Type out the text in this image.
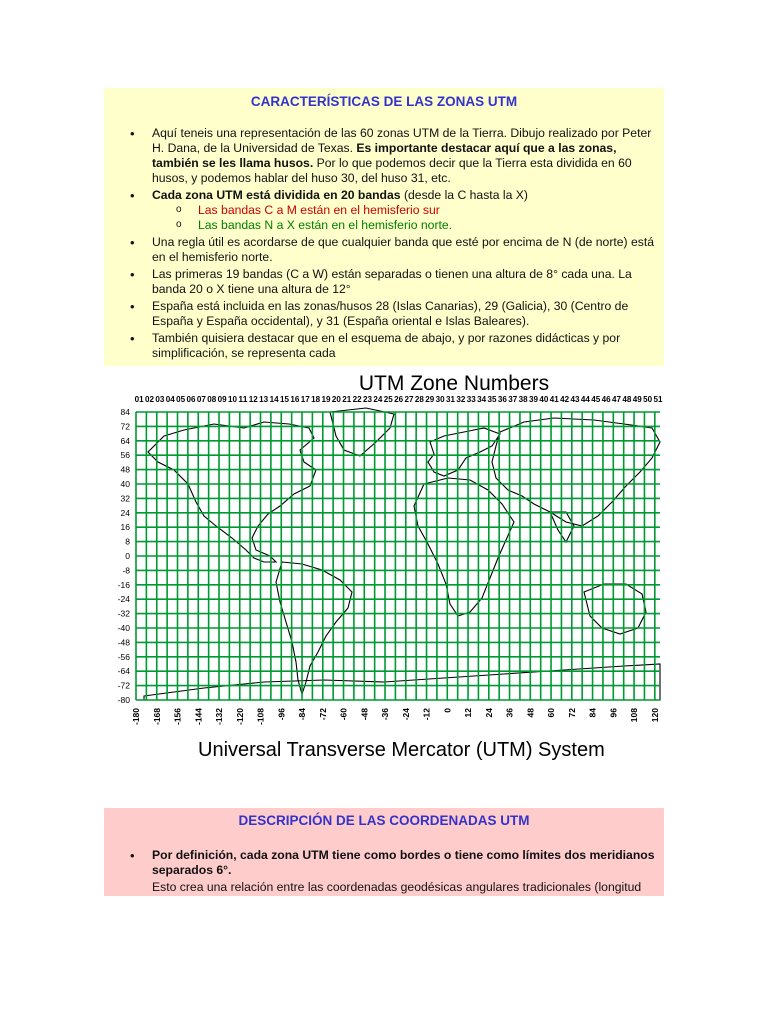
CARACTERÍSTICAS DE LAS ZONAS UTM
• Aquí teneis una representación de las 60 zonas UTM de la Tierra. Dibujo realizado por Peter H. Dana, de la Universidad de Texas. Es importante destacar aquí que a las zonas, también se les llama husos. Por lo que podemos decir que la Tierra esta dividida en 60 husos, y podemos hablar del huso 30, del huso 31, etc.
• Cada zona UTM está dividida en 20 bandas (desde la C hasta la X)
o Las bandas C a M están en el hemisferio sur
o Las bandas N a X están en el hemisferio norte.
• Una regla útil es acordarse de que cualquier banda que esté por encima de N (de norte) está en el hemisferio norte.
• Las primeras 19 bandas (C a W) están separadas o tienen una altura de 8° cada una. La banda 20 o X tiene una altura de 12°
• España está incluida en las zonas/husos 28 (Islas Canarias), 29 (Galicia), 30 (Centro de España y España occidental), y 31 (España oriental e Islas Baleares).
• También quisiera destacar que en el esquema de abajo, y por razones didácticas y por simplificación, se representa cada
UTM Zone Numbers
01 02 03 04 05 06 07 08 09 10 11 12 13 14 15 16 17 18 19 20 21 22 23 24 25 26 27 28 29 30 31 32 33 34 35 36 37 38 39 40 41 42 43 44 45 46 47 48 49 50 51
84
72
64
56
48
40
32
24
16
8
0
-8
-16
-24
-32
-40
-48
-56
-64
-72
-80
-180 -168 -156 -144 -132 -120 -108 -96 -84 -72 -60 -48 -36 -24 -12 0 12 24 36 48 60 72 84 96 108 120
Universal Transverse Mercator (UTM) System
DESCRIPCIÓN DE LAS COORDENADAS UTM
• Por definición, cada zona UTM tiene como bordes o tiene como límites dos meridianos separados 6°.
• Esto crea una relación entre las coordenadas geodésicas angulares tradicionales (longitud
